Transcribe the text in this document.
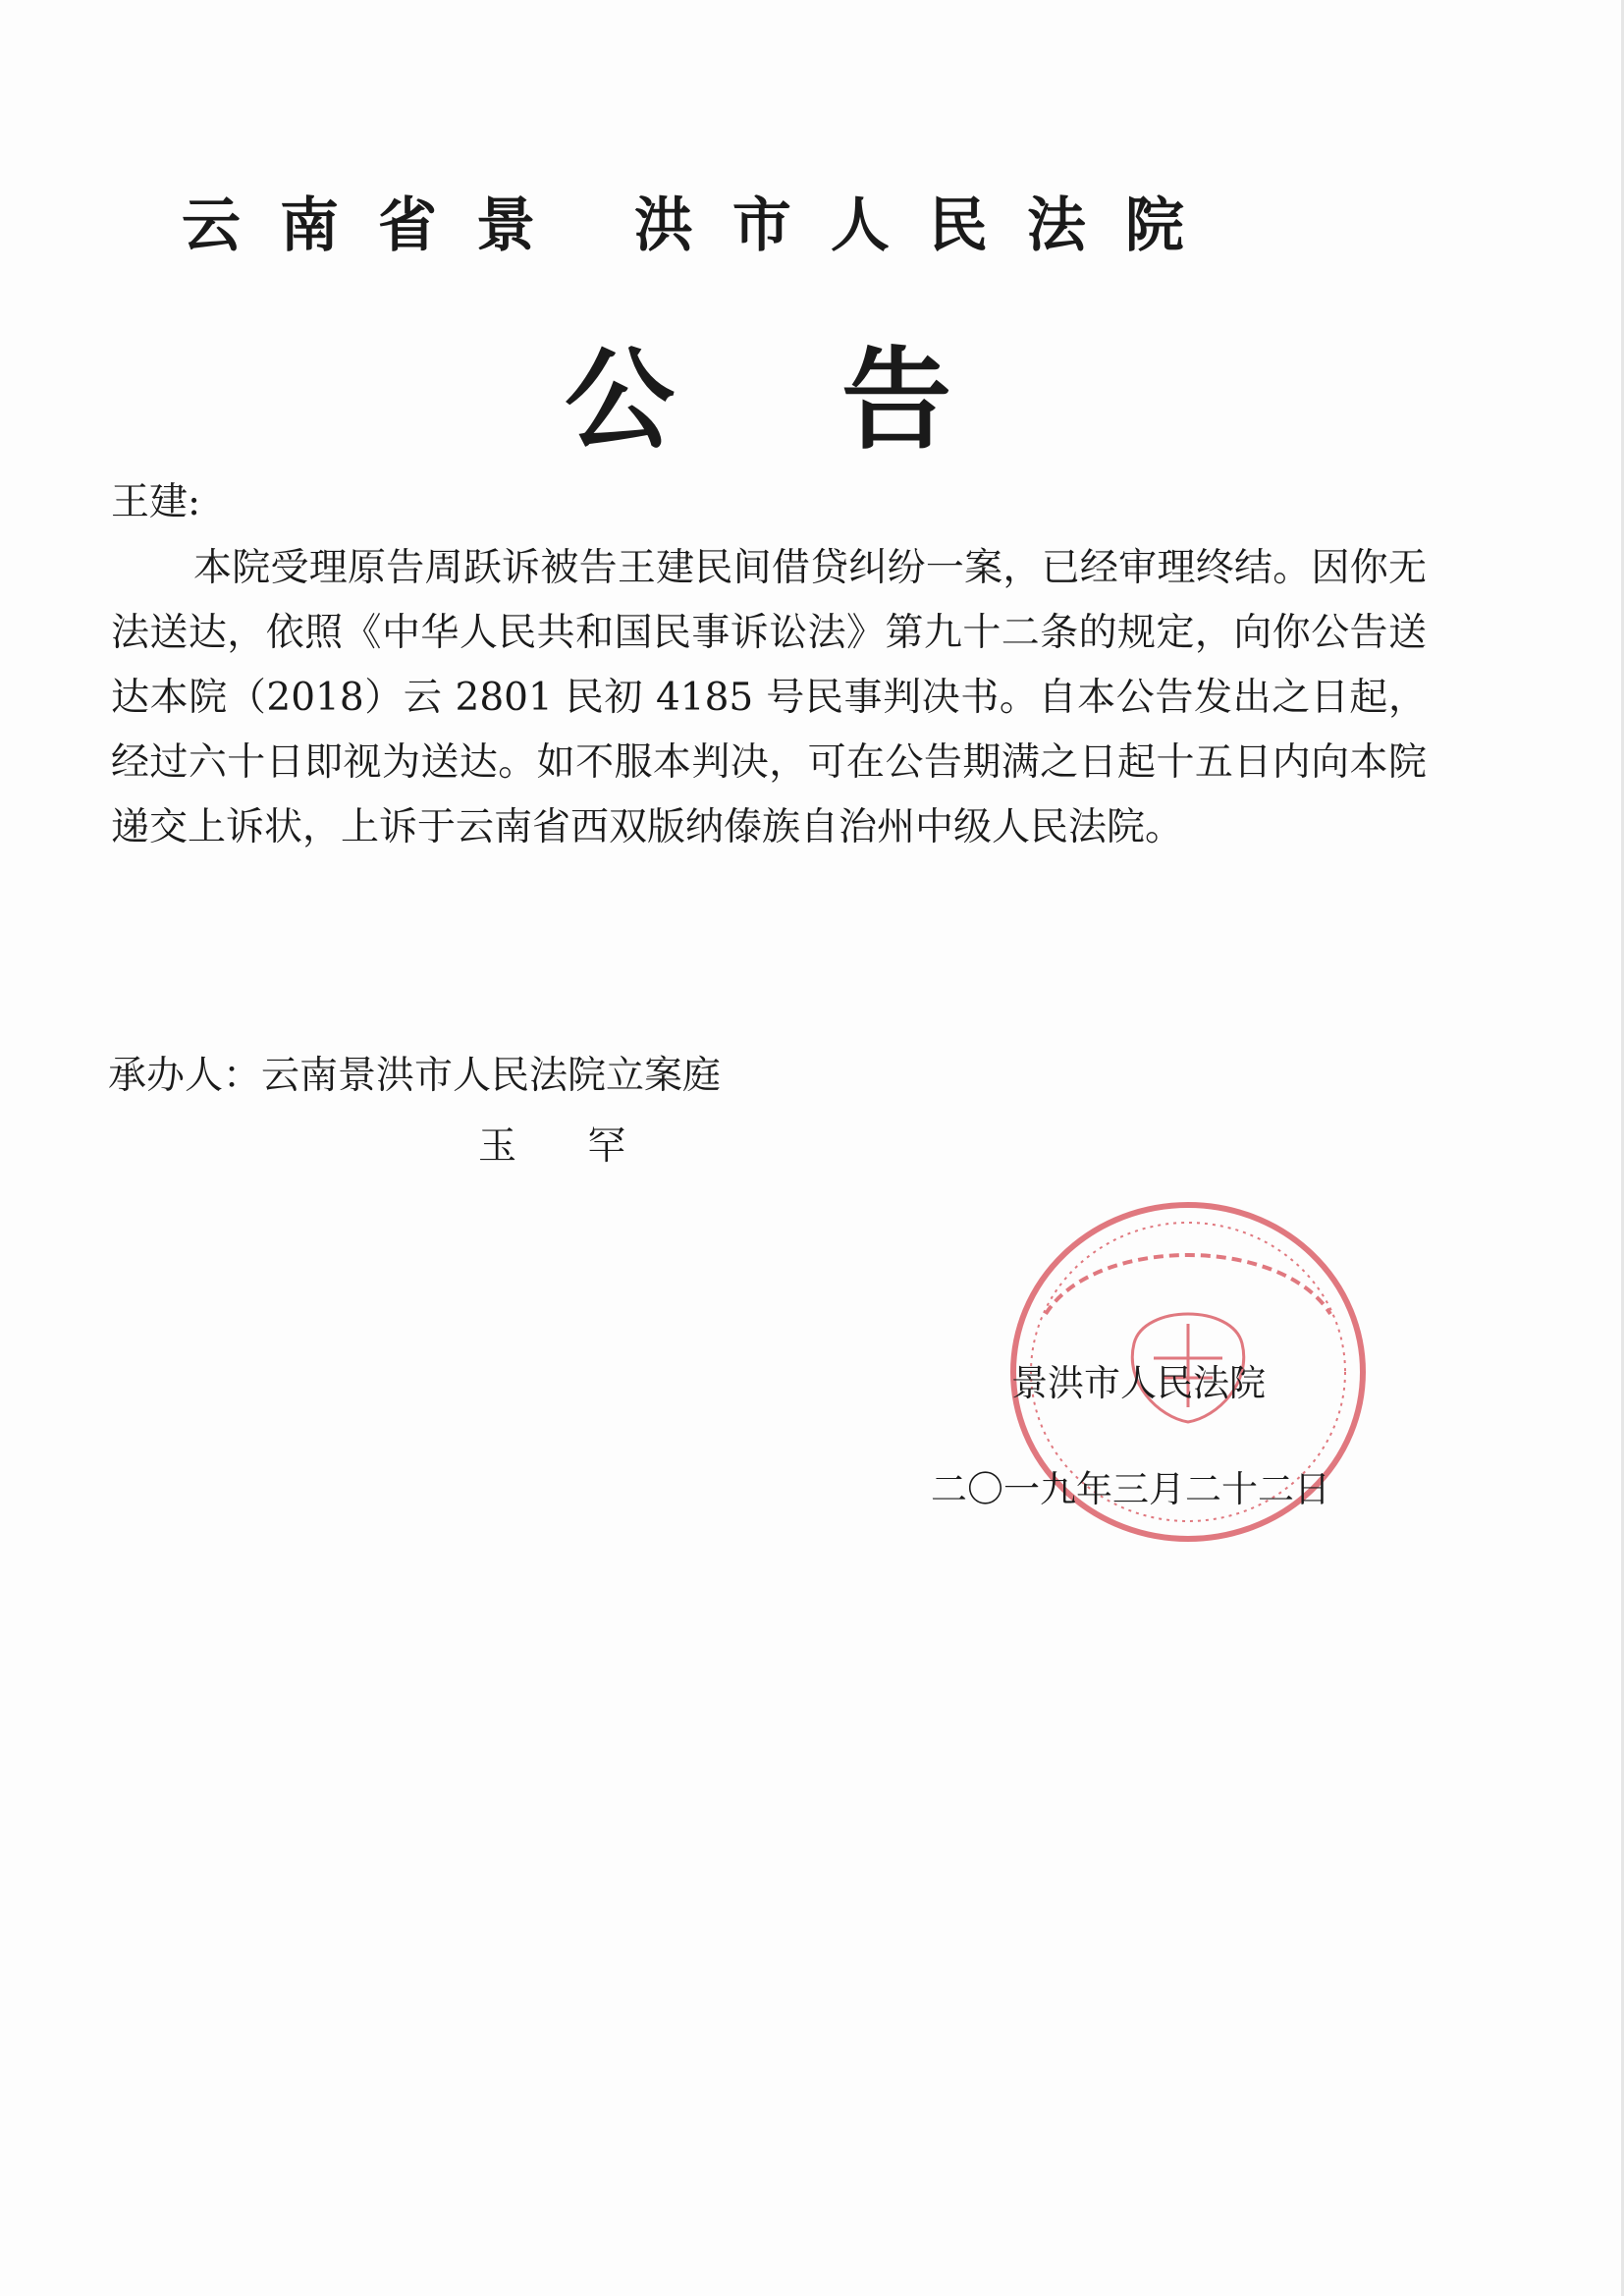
云南省景 洪市人民法院
公告
王建:
本院受理原告周跃诉被告王建民间借贷纠纷一案，已经审理终结。因你无法送达，依照《中华人民共和国民事诉讼法》第九十二条的规定，向你公告送达本院（2018）云 2801 民初 4185 号民事判决书。自本公告发出之日起，经过六十日即视为送达。如不服本判决，可在公告期满之日起十五日内向本院递交上诉状，上诉于云南省西双版纳傣族自治州中级人民法院。
承办人：云南景洪市人民法院立案庭
玉 罕
景洪市人民法院
二〇一九年三月二十二日
